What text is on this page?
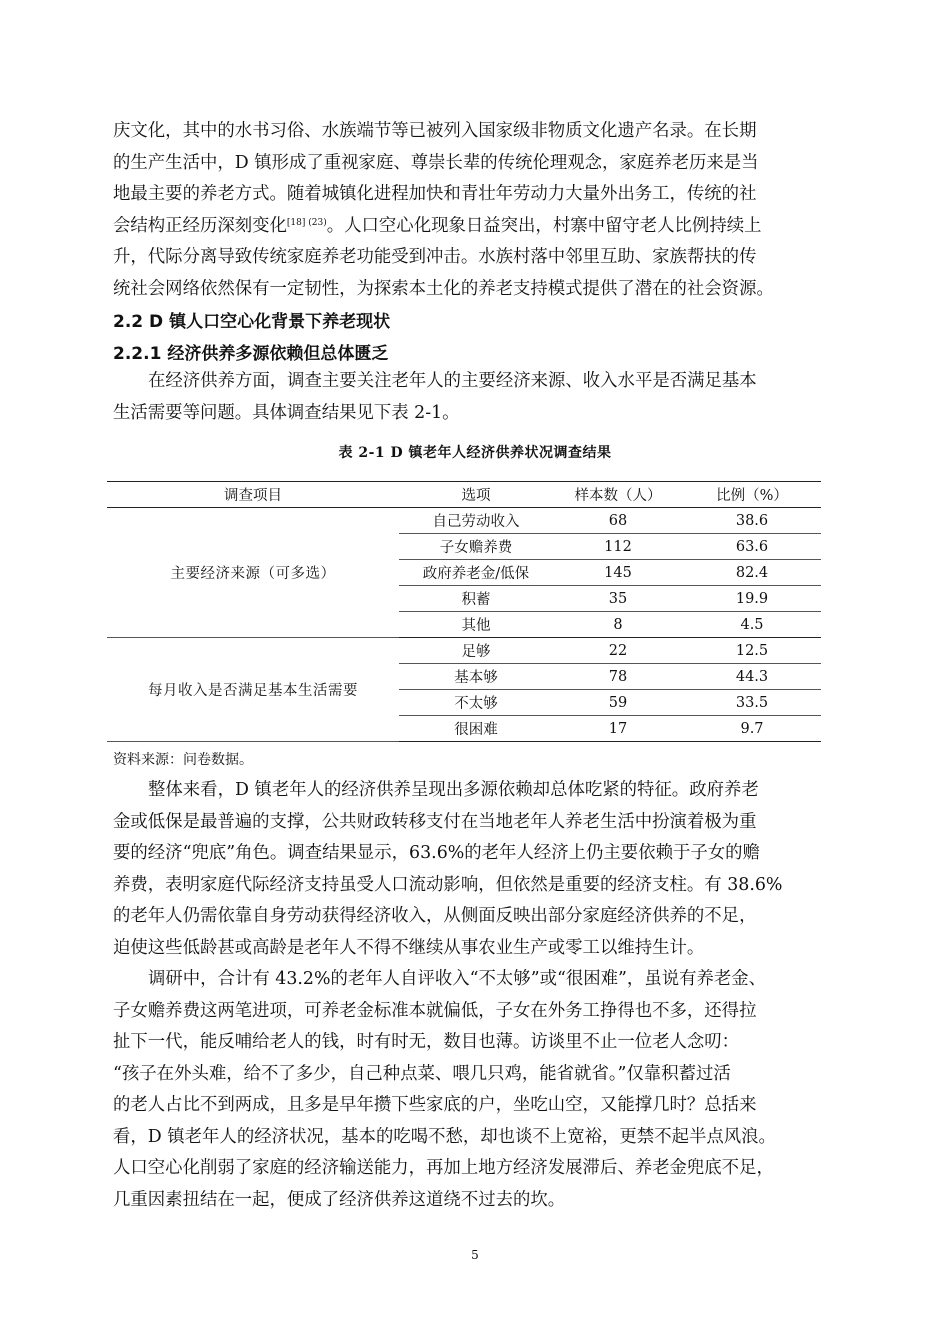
庆文化，其中的水书习俗、水族端节等已被列入国家级非物质文化遗产名录。在长期
的生产生活中，D 镇形成了重视家庭、尊崇长辈的传统伦理观念，家庭养老历来是当
地最主要的养老方式。随着城镇化进程加快和青壮年劳动力大量外出务工，传统的社
会结构正经历深刻变化$^{[18] (23)}$。人口空心化现象日益突出，村寨中留守老人比例持续上
升，代际分离导致传统家庭养老功能受到冲击。水族村落中邻里互助、家族帮扶的传
统社会网络依然保有一定韧性，为探索本土化的养老支持模式提供了潜在的社会资源。

2.2 D 镇人口空心化背景下养老现状

2.2.1 经济供养多源依赖但总体匮乏

在经济供养方面，调查主要关注老年人的主要经济来源、收入水平是否满足基本
生活需要等问题。具体调查结果见下表 2-1。

表 2-1 D 镇老年人经济供养状况调查结果

调查项目	选项	样本数（人）	比例（%）
主要经济来源（可多选）	自己劳动收入	68	38.6
	子女赡养费	112	63.6
	政府养老金/低保	145	82.4
	积蓄	35	19.9
	其他	8	4.5
每月收入是否满足基本生活需要	足够	22	12.5
	基本够	78	44.3
	不太够	59	33.5
	很困难	17	9.7

资料来源：问卷数据。

整体来看，D 镇老年人的经济供养呈现出多源依赖却总体吃紧的特征。政府养老
金或低保是最普遍的支撑，公共财政转移支付在当地老年人养老生活中扮演着极为重
要的经济“兜底”角色。调查结果显示，63.6%的老年人经济上仍主要依赖于子女的赡
养费，表明家庭代际经济支持虽受人口流动影响，但依然是重要的经济支柱。有 38.6%
的老年人仍需依靠自身劳动获得经济收入，从侧面反映出部分家庭经济供养的不足，
迫使这些低龄甚或高龄是老年人不得不继续从事农业生产或零工以维持生计。
调研中，合计有 43.2%的老年人自评收入“不太够”或“很困难”，虽说有养老金、
子女赡养费这两笔进项，可养老金标准本就偏低，子女在外务工挣得也不多，还得拉
扯下一代，能反哺给老人的钱，时有时无，数目也薄。访谈里不止一位老人念叨：
“孩子在外头难，给不了多少，自己种点菜、喂几只鸡，能省就省。”仅靠积蓄过活
的老人占比不到两成，且多是早年攒下些家底的户，坐吃山空，又能撑几时？总括来
看，D 镇老年人的经济状况，基本的吃喝不愁，却也谈不上宽裕，更禁不起半点风浪。
人口空心化削弱了家庭的经济输送能力，再加上地方经济发展滞后、养老金兜底不足，
几重因素扭结在一起，便成了经济供养这道绕不过去的坎。

5
